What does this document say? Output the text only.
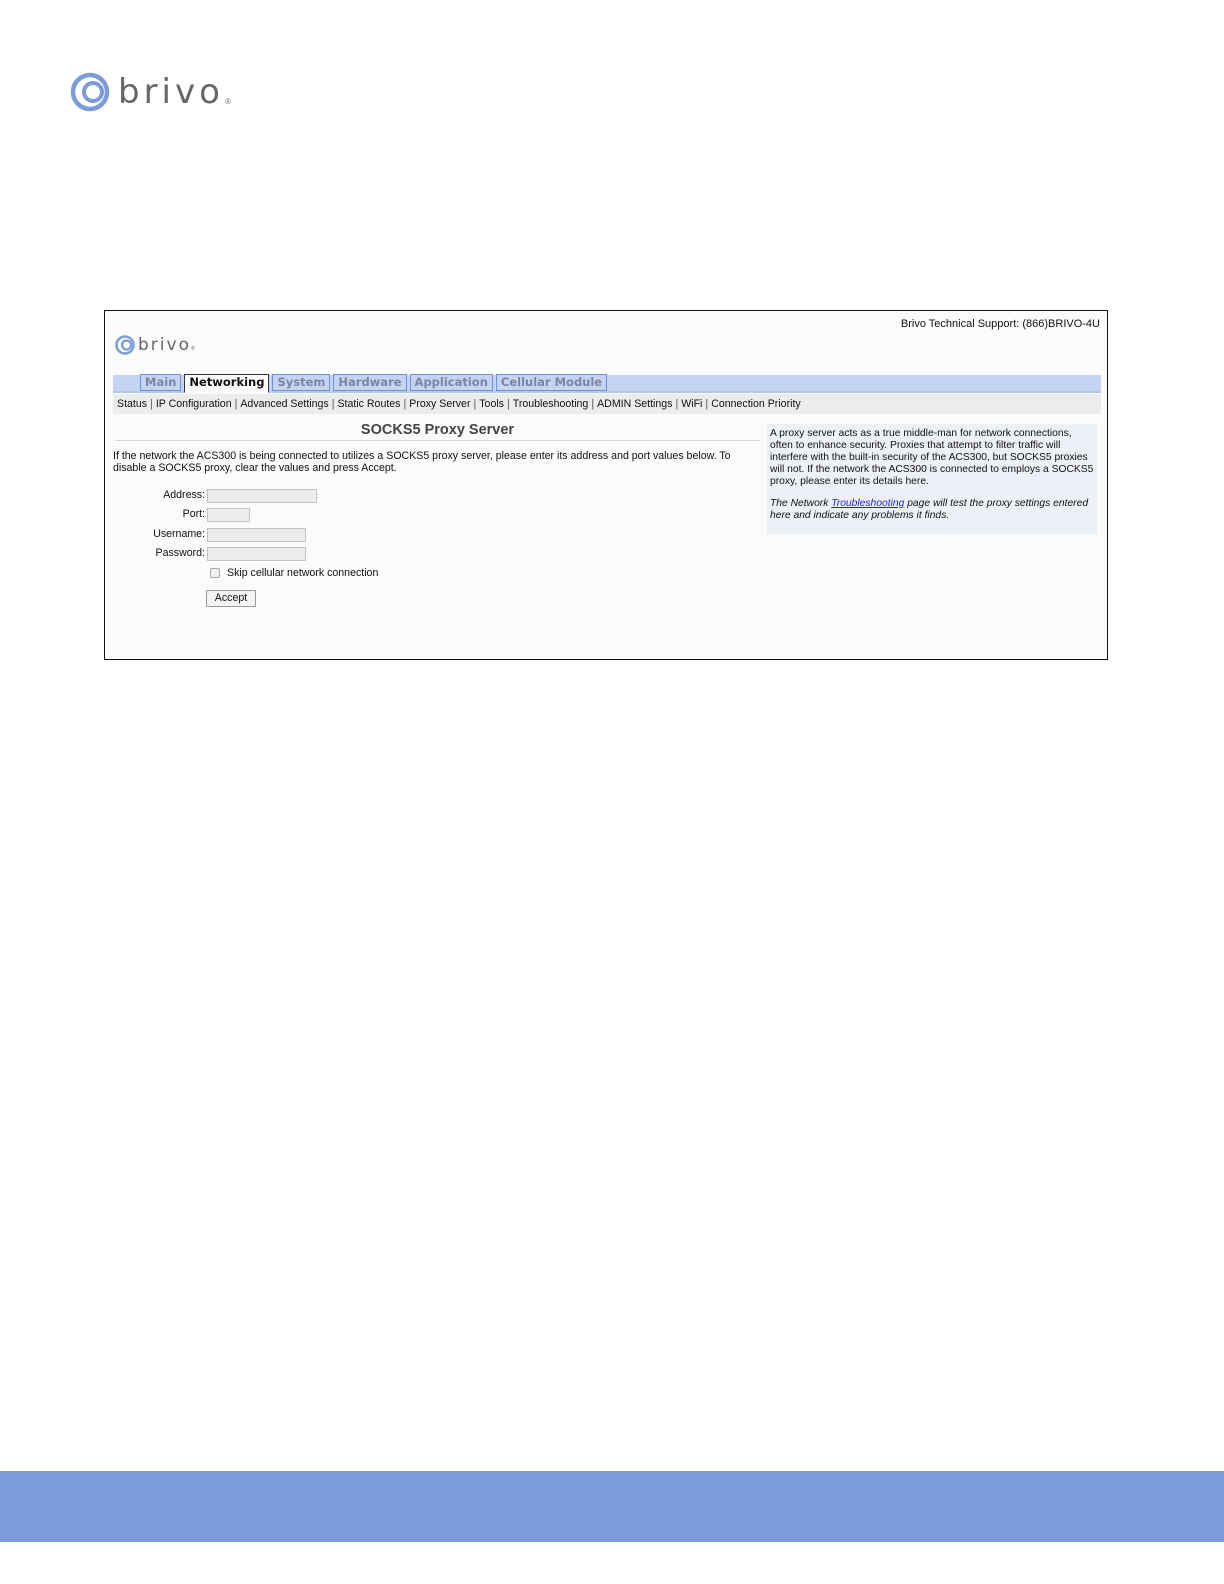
brivo ®
Brivo Technical Support: (866)BRIVO-4U
brivo ®
Main	Networking	System	Hardware	Application	Cellular Module
Status | IP Configuration | Advanced Settings | Static Routes | Proxy Server | Tools | Troubleshooting | ADMIN Settings | WiFi | Connection Priority
SOCKS5 Proxy Server
If the network the ACS300 is being connected to utilizes a SOCKS5 proxy server, please enter its address and port values below. To disable a SOCKS5 proxy, clear the values and press Accept.
Address:
Port:
Username:
Password:
Skip cellular network connection
Accept

A proxy server acts as a true middle-man for network connections, often to enhance security. Proxies that attempt to filter traffic will interfere with the built-in security of the ACS300, but SOCKS5 proxies will not. If the network the ACS300 is connected to employs a SOCKS5 proxy, please enter its details here.

The Network Troubleshooting page will test the proxy settings entered here and indicate any problems it finds.
